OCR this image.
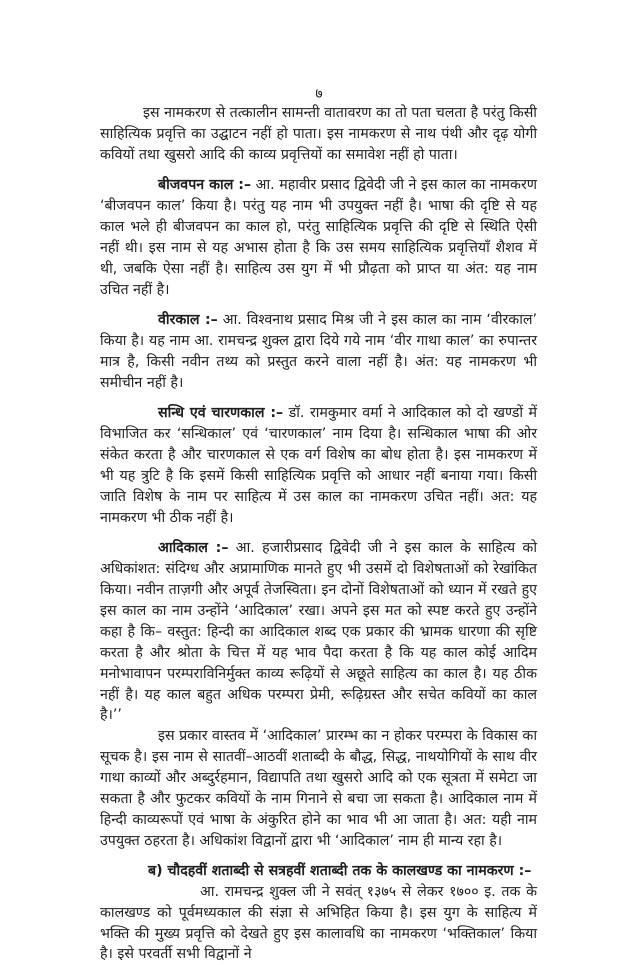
७

इस नामकरण से तत्कालीन सामन्ती वातावरण का तो पता चलता है परंतु किसी साहित्यिक प्रवृत्ति का उद्घाटन नहीं हो पाता। इस नामकरण से नाथ पंथी और दृढ़ योगी कवियों तथा खुसरो आदि की काव्य प्रवृत्तियों का समावेश नहीं हो पाता।

बीजवपन काल :– आ. महावीर प्रसाद द्विवेदी जी ने इस काल का नामकरण ‘बीजवपन काल’ किया है। परंतु यह नाम भी उपयुक्त नहीं है। भाषा की दृष्टि से यह काल भले ही बीजवपन का काल हो, परंतु साहित्यिक प्रवृत्ति की दृष्टि से स्थिति ऐसी नहीं थी। इस नाम से यह अभास होता है कि उस समय साहित्यिक प्रवृत्तियाँ शैशव में थी, जबकि ऐसा नहीं है। साहित्य उस युग में भी प्रौढ़ता को प्राप्त या अंत: यह नाम उचित नहीं है।

वीरकाल :– आ. विश्वनाथ प्रसाद मिश्र जी ने इस काल का नाम ‘वीरकाल’ किया है। यह नाम आ. रामचन्द्र शुक्ल द्वारा दिये गये नाम ‘वीर गाथा काल’ का रुपान्तर मात्र है, किसी नवीन तथ्य को प्रस्तुत करने वाला नहीं है। अंत: यह नामकरण भी समीचीन नहीं है।

सन्धि एवं चारणकाल :– डॉ. रामकुमार वर्मा ने आदिकाल को दो खण्डों में विभाजित कर ‘सन्धिकाल’ एवं ‘चारणकाल’ नाम दिया है। सन्धिकाल भाषा की ओर संकेत करता है और चारणकाल से एक वर्ग विशेष का बोध होता है। इस नामकरण में भी यह त्रुटि है कि इसमें किसी साहित्यिक प्रवृत्ति को आधार नहीं बनाया गया। किसी जाति विशेष के नाम पर साहित्य में उस काल का नामकरण उचित नहीं। अत: यह नामकरण भी ठीक नहीं है।

आदिकाल :– आ. हजारीप्रसाद द्विवेदी जी ने इस काल के साहित्य को अधिकांशत: संदिग्ध और अप्रामाणिक मानते हुए भी उसमें दो विशेषताओं को रेखांकित किया। नवीन ताज़गी और अपूर्व तेजस्विता। इन दोनों विशेषताओं को ध्यान में रखते हुए इस काल का नाम उन्होंने ‘आदिकाल’ रखा। अपने इस मत को स्पष्ट करते हुए उन्होंने कहा है कि– वस्तुत: हिन्दी का आदिकाल शब्द एक प्रकार की भ्रामक धारणा की सृष्टि करता है और श्रोता के चित्त में यह भाव पैदा करता है कि यह काल कोई आदिम मनोभावापन परम्पराविनिर्मुक्त काव्य रूढ़ियों से अछूते साहित्य का काल है। यह ठीक नहीं है। यह काल बहुत अधिक परम्परा प्रेमी, रूढ़िग्रस्त और सचेत कवियों का काल है।’’

इस प्रकार वास्तव में ‘आदिकाल’ प्रारम्भ का न होकर परम्परा के विकास का सूचक है। इस नाम से सातवीं–आठवीं शताब्दी के बौद्ध, सिद्ध, नाथयोगियों के साथ वीर गाथा काव्यों और अब्दुर्रहमान, विद्यापति तथा खुसरो आदि को एक सूत्रता में समेटा जा सकता है और फुटकर कवियों के नाम गिनाने से बचा जा सकता है। आदिकाल नाम में हिन्दी काव्यरूपों एवं भाषा के अंकुरित होने का भाव भी आ जाता है। अत: यही नाम उपयुक्त ठहरता है। अधिकांश विद्वानों द्वारा भी ‘आदिकाल’ नाम ही मान्य रहा है।

ब) चौदहवीं शताब्दी से सत्रहवीं शताब्दी तक के कालखण्ड का नामकरण :–

आ. रामचन्द्र शुक्ल जी ने सवंत् १३७५ से लेकर १७०० इ. तक के कालखण्ड को पूर्वमध्यकाल की संज्ञा से अभिहित किया है। इस युग के साहित्य में भक्ति की मुख्य प्रवृत्ति को देखते हुए इस कालावधि का नामकरण ‘भक्तिकाल’ किया है। इसे परवर्ती सभी विद्वानों ने
